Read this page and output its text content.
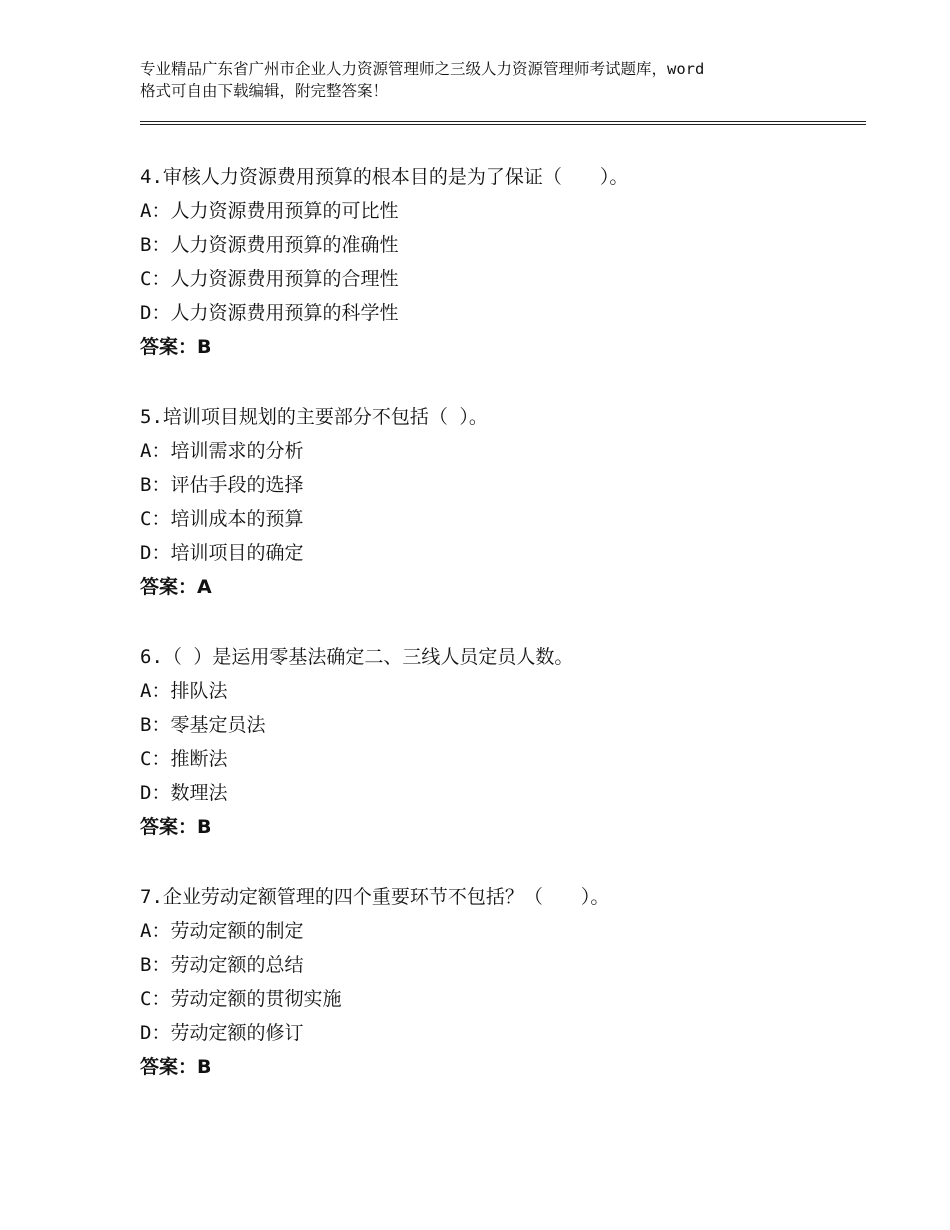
专业精品广东省广州市企业人力资源管理师之三级人力资源管理师考试题库，word
格式可自由下载编辑，附完整答案！
4.审核人力资源费用预算的根本目的是为了保证（　　）。
A：人力资源费用预算的可比性
B：人力资源费用预算的准确性
C：人力资源费用预算的合理性
D：人力资源费用预算的科学性
答案：B
5.培训项目规划的主要部分不包括（ ）。
A：培训需求的分析
B：评估手段的选择
C：培训成本的预算
D：培训项目的确定
答案：A
6.（ ）是运用零基法确定二、三线人员定员人数。
A：排队法
B：零基定员法
C：推断法
D：数理法
答案：B
7.企业劳动定额管理的四个重要环节不包括？（　　）。
A：劳动定额的制定
B：劳动定额的总结
C：劳动定额的贯彻实施
D：劳动定额的修订
答案：B
